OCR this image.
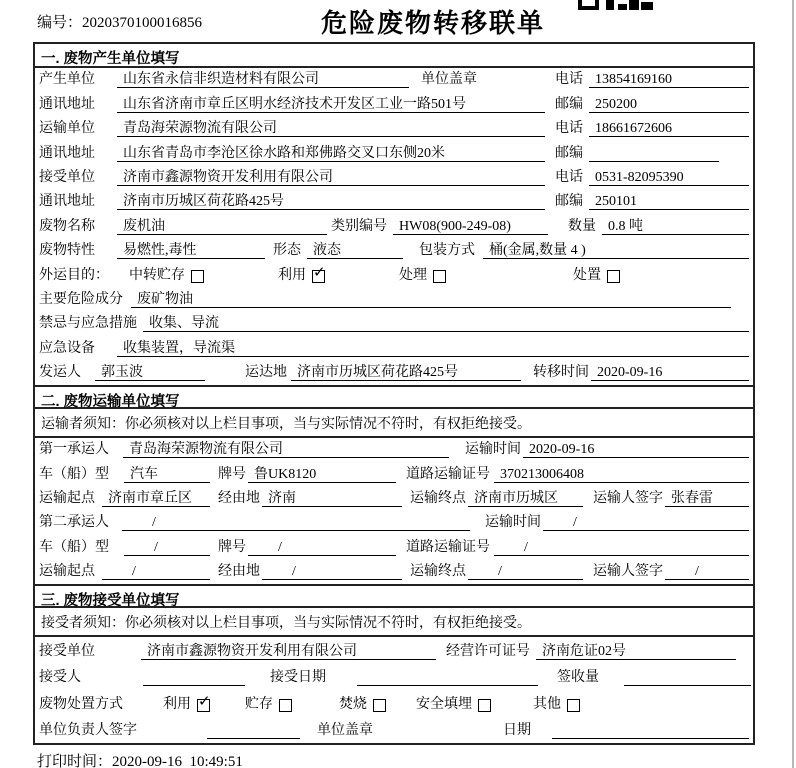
编号：2020370100016856	危险废物转移联单
一. 废物产生单位填写
产生单位	山东省永信非织造材料有限公司	单位盖章	电话 13854169160
通讯地址	山东省济南市章丘区明水经济技术开发区工业一路501号	邮编 250200
运输单位	青岛海荣源物流有限公司	电话 18661672606
通讯地址	山东省青岛市李沧区徐水路和郑佛路交叉口东侧20米	邮编
接受单位	济南市鑫源物资开发利用有限公司	电话 0531-82095390
通讯地址	济南市历城区荷花路425号	邮编 250101
废物名称	废机油	类别编号 HW08(900-249-08)	数量 0.8 吨
废物特性	易燃性,毒性	形态 液态	包装方式	桶(金属,数量 4 )
外运目的：	中转贮存	利用 ✓	处理	处置
主要危险成分	废矿物油
禁忌与应急措施 收集、导流
应急设备	收集装置，导流渠
发运人	郭玉波	运达地 济南市历城区荷花路425号	转移时间 2020-09-16
二. 废物运输单位填写
运输者须知：你必须核对以上栏目事项，当与实际情况不符时，有权拒绝接受。
第一承运人	青岛海荣源物流有限公司	运输时间 2020-09-16
车（船）型	汽车	牌号 鲁UK8120	道路运输证号 370213006408
运输起点 济南市章丘区	经由地 济南	运输终点 济南市历城区	运输人签字 张春雷
第二承运人	/	运输时间	/
车（船）型	/	牌号	/	道路运输证号	/
运输起点	/	经由地	/	运输终点	/	运输人签字	/
三. 废物接受单位填写
接受者须知：你必须核对以上栏目事项，当与实际情况不符时，有权拒绝接受。
接受单位	济南市鑫源物资开发利用有限公司	经营许可证号 济南危证02号
接受人	接受日期	签收量
废物处置方式	利用 ✓ 贮存	焚烧	安全填埋	其他
单位负责人签字	单位盖章	日期
打印时间：2020-09-16  10:49:51
